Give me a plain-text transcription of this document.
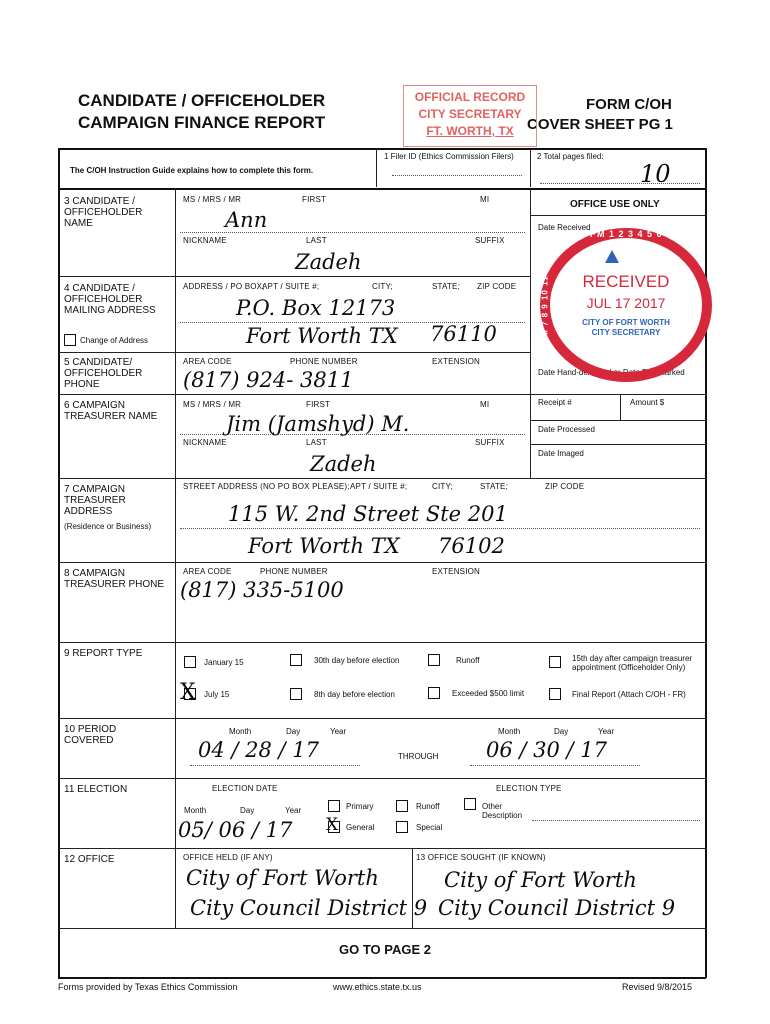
CANDIDATE / OFFICEHOLDER
CAMPAIGN FINANCE REPORT
FORM C/OH
COVER SHEET PG 1
OFFICIAL RECORD
CITY SECRETARY
FT. WORTH, TX
1 Filer ID (Ethics Commission Filers)	2 Total pages filed:
10
The C/OH Instruction Guide explains how to complete this form.
3 CANDIDATE / OFFICEHOLDER NAME
MS / MRS / MR	FIRST	MI
Ann
NICKNAME	LAST	SUFFIX
Zadeh
4 CANDIDATE / OFFICEHOLDER MAILING ADDRESS
Change of Address
ADDRESS / PO BOX;
APT / SUITE #;	CITY;	STATE; ZIP CODE
P.O. Box 12173
Fort Worth TX 76110
5 CANDIDATE/ OFFICEHOLDER PHONE
AREA CODE	PHONE NUMBER	EXTENSION
(817) 924- 3811
OFFICE USE ONLY
Date Received
Date Hand-delivered or Date Postmarked
Receipt #	Amount $
Date Processed
Date Imaged
PM 1 2 3 4 5 6
AM 7 8 9 10 11 12	RECEIVED
JUL 17 2017
CITY OF FORT WORTH
CITY SECRETARY
6 CAMPAIGN TREASURER NAME
MS / MRS / MR	FIRST	MI
Jim (Jamshyd) M.
NICKNAME	LAST	SUFFIX
Zadeh
7 CAMPAIGN TREASURER ADDRESS
(Residence or Business)
STREET ADDRESS (NO PO BOX PLEASE); APT / SUITE #;	CITY;	STATE;	ZIP CODE
115 W. 2nd Street Ste 201
Fort Worth TX 76102
8 CAMPAIGN TREASURER PHONE
AREA CODE	PHONE NUMBER	EXTENSION
(817) 335-5100
9 REPORT TYPE
January 15	30th day before election	Runoff	15th day after campaign treasurer appointment (Officeholder Only)
X July 15	8th day before election	Exceeded $500 limit	Final Report (Attach C/OH - FR)
10 PERIOD COVERED
Month	Day	Year
04 / 28 / 17	THROUGH
Month	Day	Year
06 / 30 / 17
11 ELECTION	ELECTION DATE	ELECTION TYPE
Month	Day	Year
05/ 06 / 17
Primary	Runoff	Other Description
X General	Special
12 OFFICE	OFFICE HELD (IF ANY)
City of Fort Worth
City Council District 9
13 OFFICE SOUGHT (IF KNOWN)
City of Fort Worth
City Council District 9
GO TO PAGE 2
Forms provided by Texas Ethics Commission	www.ethics.state.tx.us	Revised 9/8/2015
